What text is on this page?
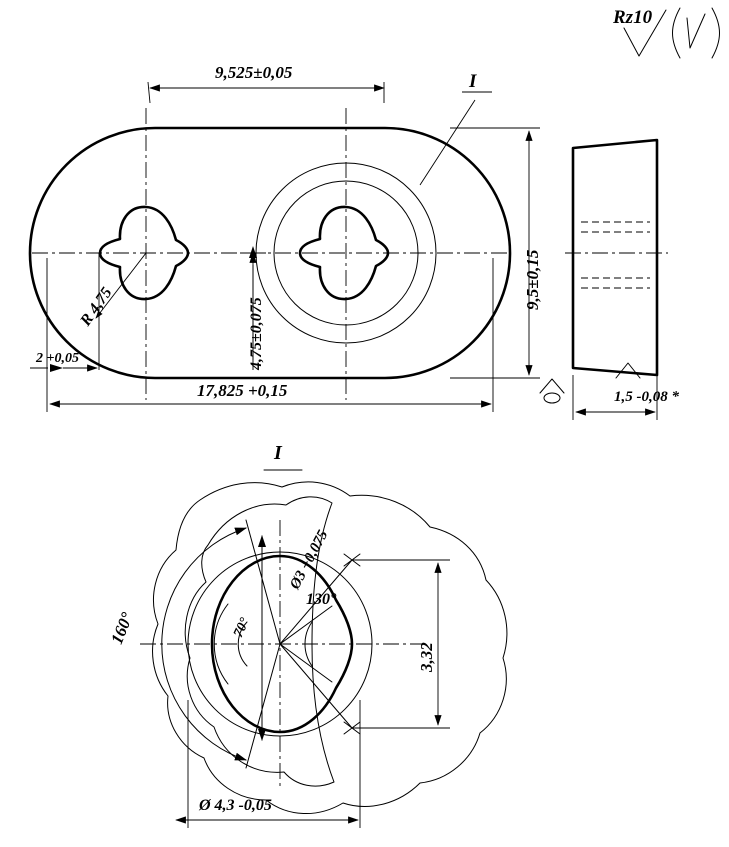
Rz10
9,525±0,05	I
9,5±0,15
4,75±0,075
R 4,75
2 +0,05
17,825 +0,15	1,5 -0,08 *
I
Ø3 +0,075
160°
130°
70°
3,32
Ø 4,3 -0,05
